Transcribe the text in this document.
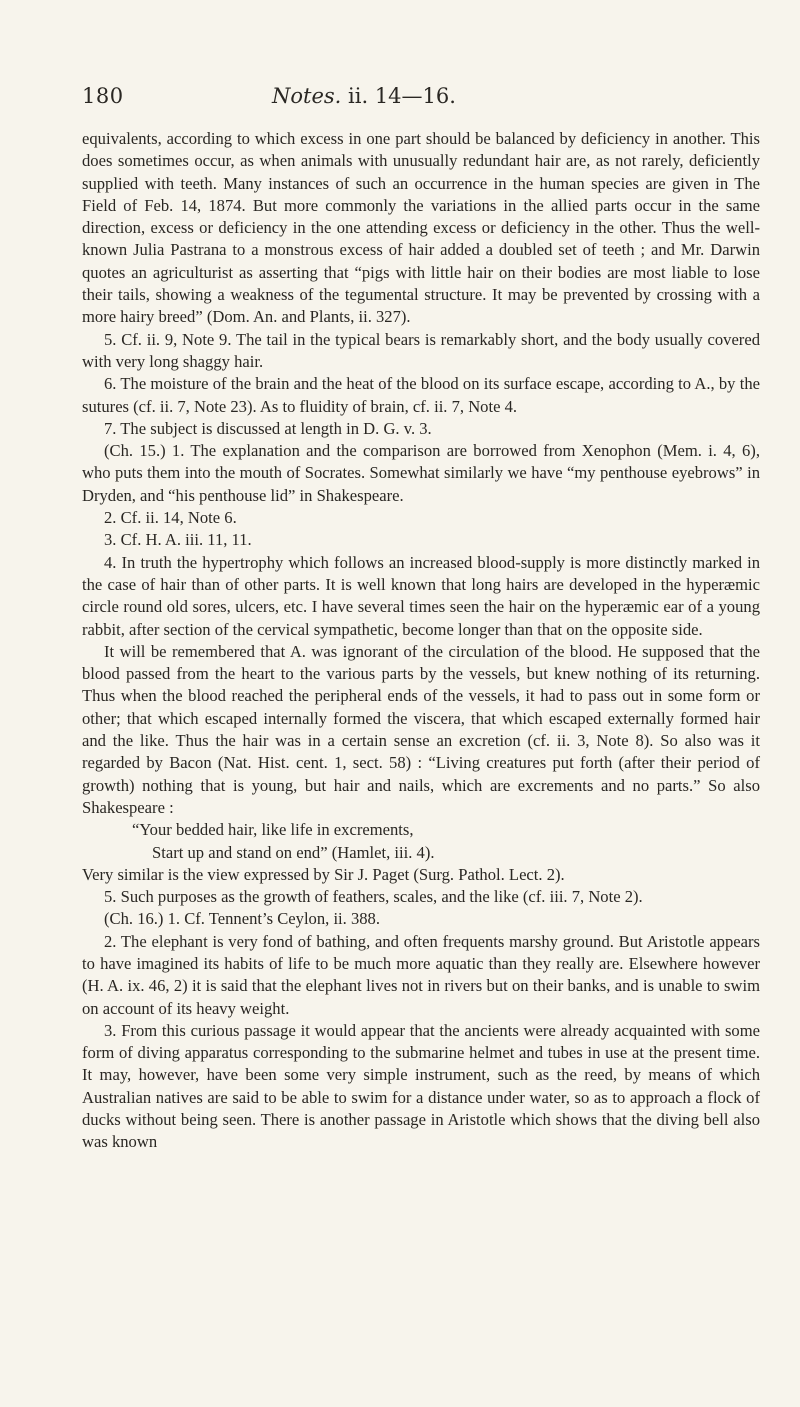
180	Notes. ii. 14—16.

equivalents, according to which excess in one part should be balanced by deficiency in another. This does sometimes occur, as when animals with unusually redundant hair are, as not rarely, deficiently supplied with teeth. Many instances of such an occurrence in the human species are given in The Field of Feb. 14, 1874. But more commonly the variations in the allied parts occur in the same direction, excess or deficiency in the one attending excess or deficiency in the other. Thus the well-known Julia Pastrana to a monstrous excess of hair added a doubled set of teeth ; and Mr. Darwin quotes an agriculturist as asserting that “pigs with little hair on their bodies are most liable to lose their tails, showing a weakness of the tegumental structure. It may be prevented by crossing with a more hairy breed” (Dom. An. and Plants, ii. 327).

5. Cf. ii. 9, Note 9. The tail in the typical bears is remarkably short, and the body usually covered with very long shaggy hair.

6. The moisture of the brain and the heat of the blood on its surface escape, according to A., by the sutures (cf. ii. 7, Note 23). As to fluidity of brain, cf. ii. 7, Note 4.

7. The subject is discussed at length in D. G. v. 3.

(Ch. 15.) 1. The explanation and the comparison are borrowed from Xenophon (Mem. i. 4, 6), who puts them into the mouth of Socrates. Somewhat similarly we have “my penthouse eyebrows” in Dryden, and “his penthouse lid” in Shakespeare.

2. Cf. ii. 14, Note 6.

3. Cf. H. A. iii. 11, 11.

4. In truth the hypertrophy which follows an increased blood-supply is more distinctly marked in the case of hair than of other parts. It is well known that long hairs are developed in the hyperæmic circle round old sores, ulcers, etc. I have several times seen the hair on the hyperæmic ear of a young rabbit, after section of the cervical sympathetic, become longer than that on the opposite side.

It will be remembered that A. was ignorant of the circulation of the blood. He supposed that the blood passed from the heart to the various parts by the vessels, but knew nothing of its returning. Thus when the blood reached the peripheral ends of the vessels, it had to pass out in some form or other; that which escaped internally formed the viscera, that which escaped externally formed hair and the like. Thus the hair was in a certain sense an excretion (cf. ii. 3, Note 8). So also was it regarded by Bacon (Nat. Hist. cent. 1, sect. 58) : “Living creatures put forth (after their period of growth) nothing that is young, but hair and nails, which are excrements and no parts.” So also Shakespeare :

“Your bedded hair, like life in excrements,

Start up and stand on end” (Hamlet, iii. 4).

Very similar is the view expressed by Sir J. Paget (Surg. Pathol. Lect. 2).

5. Such purposes as the growth of feathers, scales, and the like (cf. iii. 7, Note 2).

(Ch. 16.) 1. Cf. Tennent’s Ceylon, ii. 388.

2. The elephant is very fond of bathing, and often frequents marshy ground. But Aristotle appears to have imagined its habits of life to be much more aquatic than they really are. Elsewhere however (H. A. ix. 46, 2) it is said that the elephant lives not in rivers but on their banks, and is unable to swim on account of its heavy weight.

3. From this curious passage it would appear that the ancients were already acquainted with some form of diving apparatus corresponding to the submarine helmet and tubes in use at the present time. It may, however, have been some very simple instrument, such as the reed, by means of which Australian natives are said to be able to swim for a distance under water, so as to approach a flock of ducks without being seen. There is another passage in Aristotle which shows that the diving bell also was known
